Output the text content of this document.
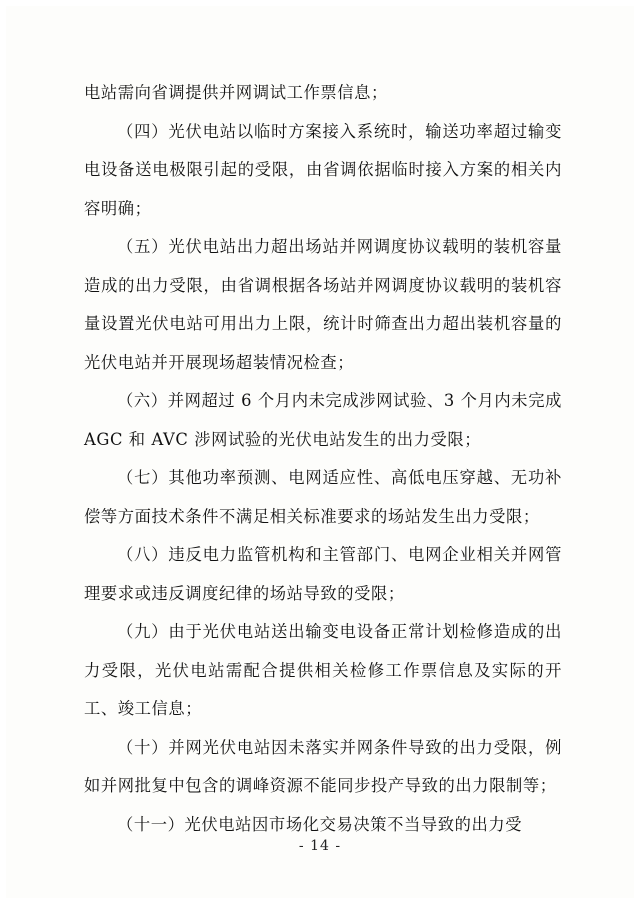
电站需向省调提供并网调试工作票信息；

（四）光伏电站以临时方案接入系统时，输送功率超过输变电设备送电极限引起的受限，由省调依据临时接入方案的相关内容明确；

（五）光伏电站出力超出场站并网调度协议载明的装机容量造成的出力受限，由省调根据各场站并网调度协议载明的装机容量设置光伏电站可用出力上限，统计时筛查出力超出装机容量的光伏电站并开展现场超装情况检查；

（六）并网超过 6 个月内未完成涉网试验、3 个月内未完成 AGC 和 AVC 涉网试验的光伏电站发生的出力受限；

（七）其他功率预测、电网适应性、高低电压穿越、无功补偿等方面技术条件不满足相关标准要求的场站发生出力受限；

（八）违反电力监管机构和主管部门、电网企业相关并网管理要求或违反调度纪律的场站导致的受限；

（九）由于光伏电站送出输变电设备正常计划检修造成的出力受限，光伏电站需配合提供相关检修工作票信息及实际的开工、竣工信息；

（十）并网光伏电站因未落实并网条件导致的出力受限，例如并网批复中包含的调峰资源不能同步投产导致的出力限制等；

（十一）光伏电站因市场化交易决策不当导致的出力受

- 14 -
